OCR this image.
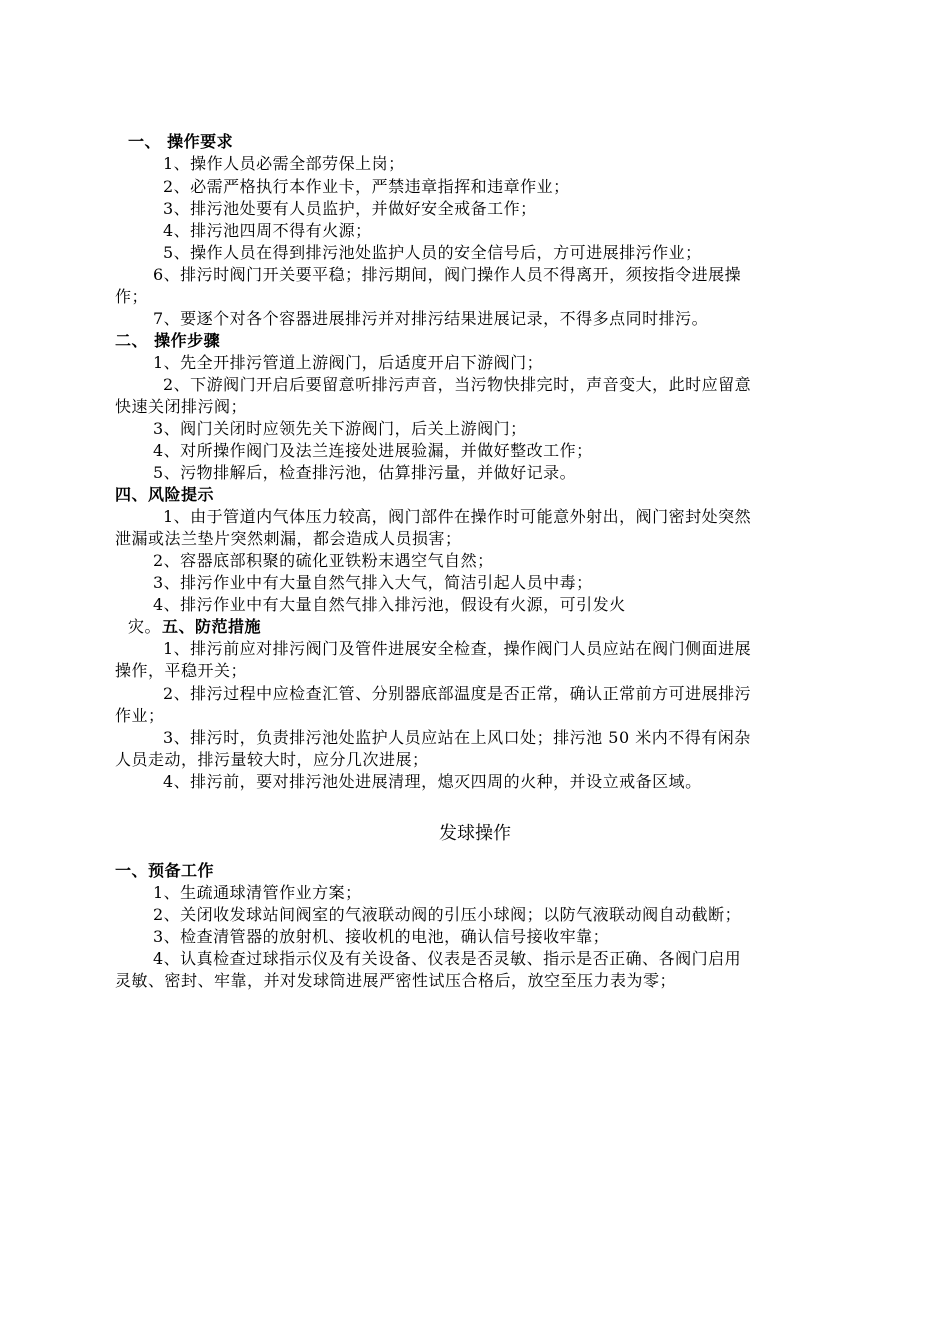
一、 操作要求
1、操作人员必需全部劳保上岗；
2、必需严格执行本作业卡，严禁违章指挥和违章作业；
3、排污池处要有人员监护，并做好安全戒备工作；
4、排污池四周不得有火源；
5、操作人员在得到排污池处监护人员的安全信号后，方可进展排污作业；
6、排污时阀门开关要平稳；排污期间，阀门操作人员不得离开，须按指令进展操
作；
7、要逐个对各个容器进展排污并对排污结果进展记录，不得多点同时排污。
二、 操作步骤
1、先全开排污管道上游阀门，后适度开启下游阀门；
2、下游阀门开启后要留意听排污声音，当污物快排完时，声音变大，此时应留意
快速关闭排污阀；
3、阀门关闭时应领先关下游阀门，后关上游阀门；
4、对所操作阀门及法兰连接处进展验漏，并做好整改工作；
5、污物排解后，检查排污池，估算排污量，并做好记录。
四、风险提示
1、由于管道内气体压力较高，阀门部件在操作时可能意外射出，阀门密封处突然
泄漏或法兰垫片突然刺漏，都会造成人员损害；
2、容器底部积聚的硫化亚铁粉末遇空气自然；
3、排污作业中有大量自然气排入大气，简洁引起人员中毒；
4、排污作业中有大量自然气排入排污池，假设有火源，可引发火
灾。 五、防范措施
1、排污前应对排污阀门及管件进展安全检查，操作阀门人员应站在阀门侧面进展
操作，平稳开关；
2、排污过程中应检查汇管、分别器底部温度是否正常，确认正常前方可进展排污
作业；
3、排污时，负责排污池处监护人员应站在上风口处；排污池 50 米内不得有闲杂
人员走动，排污量较大时，应分几次进展；
4、排污前，要对排污池处进展清理，熄灭四周的火种，并设立戒备区域。
发球操作
一、预备工作
1、生疏通球清管作业方案；
2、关闭收发球站间阀室的气液联动阀的引压小球阀；以防气液联动阀自动截断；
3、检查清管器的放射机、接收机的电池，确认信号接收牢靠；
4、认真检查过球指示仪及有关设备、仪表是否灵敏、指示是否正确、各阀门启用
灵敏、密封、牢靠，并对发球筒进展严密性试压合格后，放空至压力表为零；
